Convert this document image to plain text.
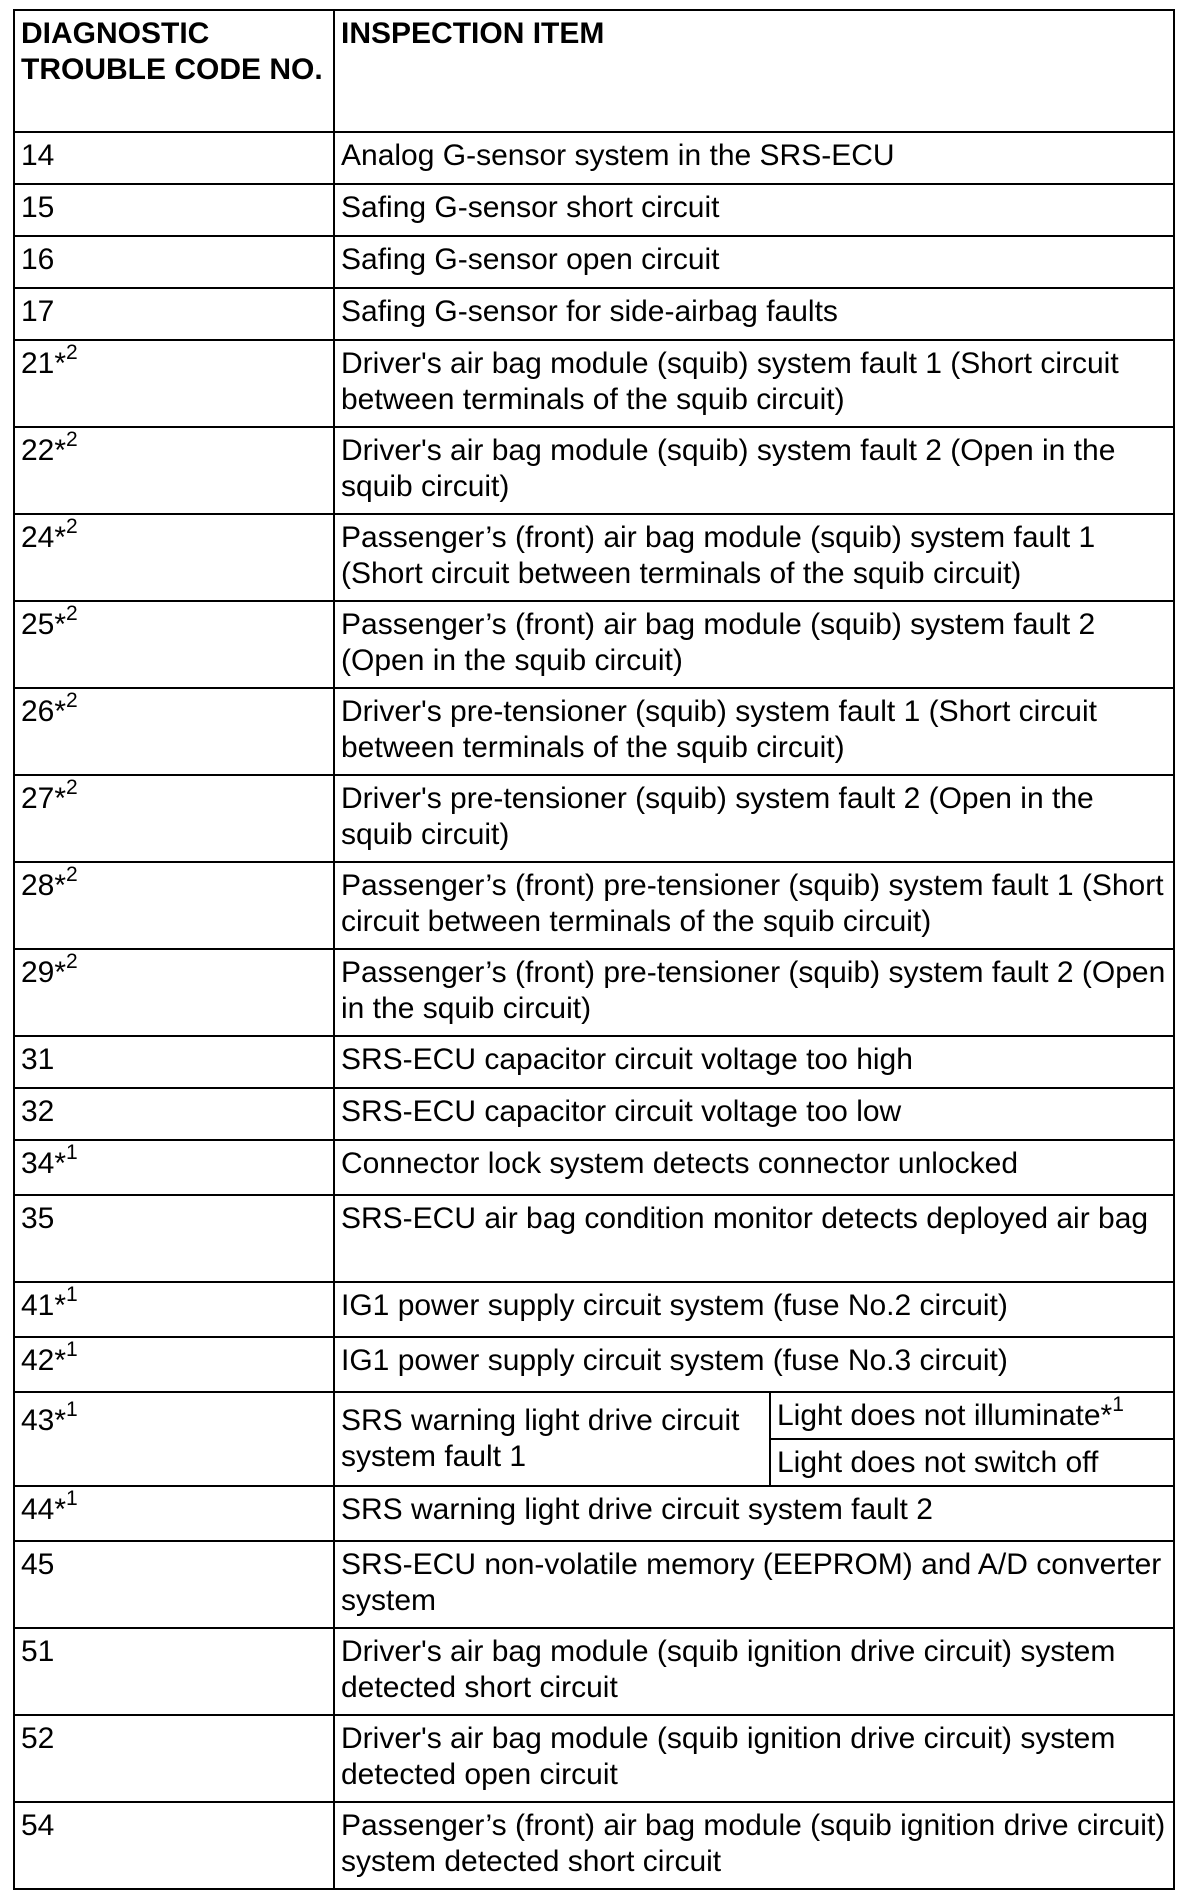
DIAGNOSTIC TROUBLE CODE NO.	INSPECTION ITEM	
14	Analog G-sensor system in the SRS-ECU	
15	Safing G-sensor short circuit	
16	Safing G-sensor open circuit	
17	Safing G-sensor for side-airbag faults	
21*$^2$	Driver's air bag module (squib) system fault 1 (Short circuit between terminals of the squib circuit)	
22*$^2$	Driver's air bag module (squib) system fault 2 (Open in the squib circuit)	
24*$^2$	Passenger’s (front) air bag module (squib) system fault 1 (Short circuit between terminals of the squib circuit)	
25*$^2$	Passenger’s (front) air bag module (squib) system fault 2 (Open in the squib circuit)	
26*$^2$	Driver's pre-tensioner (squib) system fault 1 (Short circuit between terminals of the squib circuit)	
27*$^2$	Driver's pre-tensioner (squib) system fault 2 (Open in the squib circuit)	
28*$^2$	Passenger’s (front) pre-tensioner (squib) system fault 1 (Short circuit between terminals of the squib circuit)	
29*$^2$	Passenger’s (front) pre-tensioner (squib) system fault 2 (Open in the squib circuit)	
31	SRS-ECU capacitor circuit voltage too high	
32	SRS-ECU capacitor circuit voltage too low	
34*$^1$	Connector lock system detects connector unlocked	
35	SRS-ECU air bag condition monitor detects deployed air bag	
41*$^1$	IG1 power supply circuit system (fuse No.2 circuit)	
42*$^1$	IG1 power supply circuit system (fuse No.3 circuit)	
43*$^1$	SRS warning light drive circuit system fault 1	Light does not illuminate*$^1$
		Light does not switch off
44*$^1$	SRS warning light drive circuit system fault 2	
45	SRS-ECU non-volatile memory (EEPROM) and A/D converter system	
51	Driver's air bag module (squib ignition drive circuit) system detected short circuit	
52	Driver's air bag module (squib ignition drive circuit) system detected open circuit	
54	Passenger’s (front) air bag module (squib ignition drive circuit) system detected short circuit	
